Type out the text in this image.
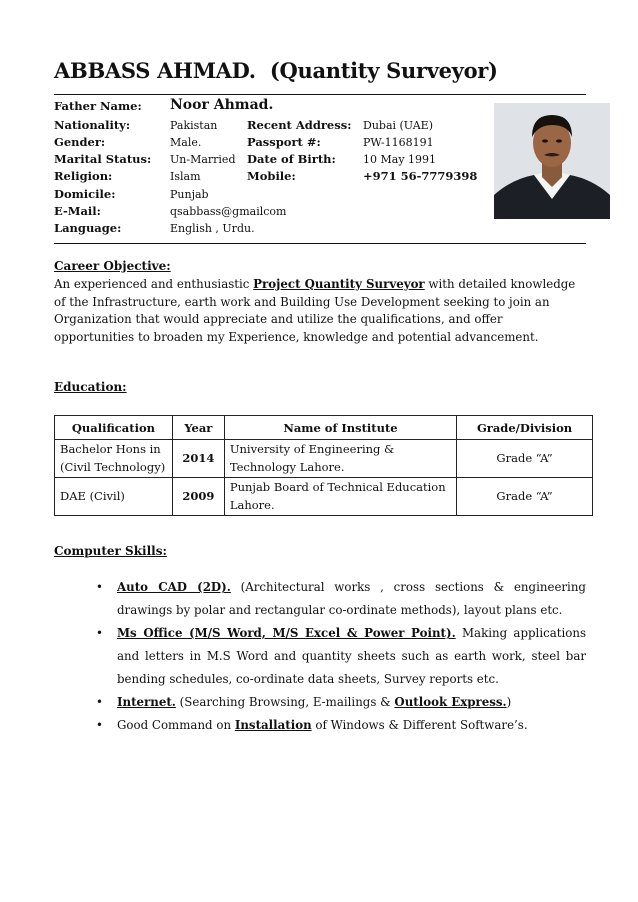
ABBASS AHMAD. (Quantity Surveyor)
Father Name: Noor Ahmad.
Nationality:	Pakistan
Gender:	Male.
Marital Status: Un-Married
Religion:	Islam
Domicile:	Punjab
E-Mail:	qsabbass@gmailcom
Language:	English , Urdu.
Recent Address: Dubai (UAE)
Passport #:	PW-1168191
Date of Birth: 10 May 1991
Mobile:	+971 56-7779398
Career Objective:
An experienced and enthusiastic Project Quantity Surveyor with detailed knowledge of the Infrastructure, earth work and Building Use Development seeking to join an Organization that would appreciate and utilize the qualifications, and offer opportunities to broaden my Experience, knowledge and potential advancement.
Education:
Qualification	Year	Name of Institute	Grade/Division
Bachelor Hons in (Civil Technology)	2014	University of Engineering & Technology Lahore.	Grade “A”
DAE (Civil)	2009	Punjab Board of Technical Education Lahore.	Grade “A”
Computer Skills:
• Auto CAD (2D). (Architectural works , cross sections & engineering drawings by polar and rectangular co-ordinate methods), layout plans etc.
• Ms Office (M/S Word, M/S Excel & Power Point). Making applications and letters in M.S Word and quantity sheets such as earth work, steel bar bending schedules, co-ordinate data sheets, Survey reports etc.
• Internet. (Searching Browsing, E-mailings & Outlook Express.)
• Good Command on Installation of Windows & Different Software’s.
